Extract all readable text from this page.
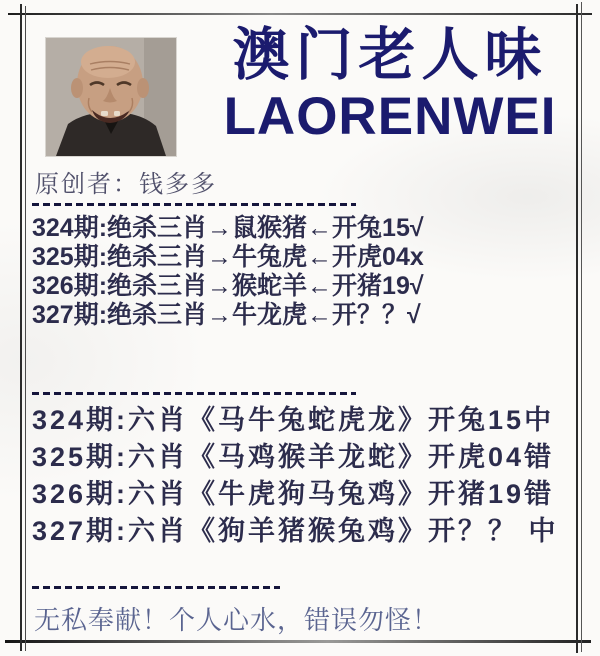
澳门老人味
LAORENWEI
原创者：钱多多
324期:绝杀三肖→鼠猴猪←开兔15√
325期:绝杀三肖→牛兔虎←开虎04x
326期:绝杀三肖→猴蛇羊←开猪19√
327期:绝杀三肖→牛龙虎←开？？√
324期:六肖《马牛兔蛇虎龙》开兔15中
325期:六肖《马鸡猴羊龙蛇》开虎04错
326期:六肖《牛虎狗马兔鸡》开猪19错
327期:六肖《狗羊猪猴兔鸡》开？？ 中
无私奉献！个人心水，错误勿怪！
